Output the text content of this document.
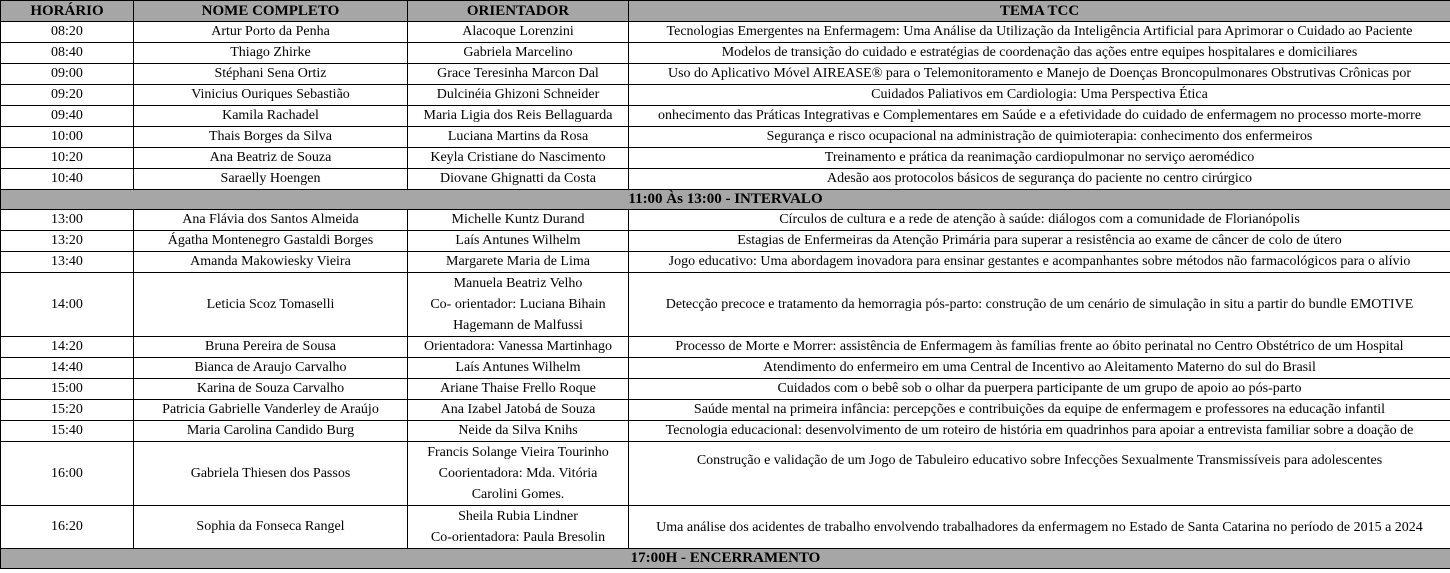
HORÁRIO	NOME COMPLETO	ORIENTADOR	TEMA TCC
08:20	Artur Porto da Penha	Alacoque Lorenzini	Tecnologias Emergentes na Enfermagem: Uma Análise da Utilização da Inteligência Artificial para Aprimorar o Cuidado ao Paciente
08:40	Thiago Zhirke	Gabriela Marcelino	Modelos de transição do cuidado e estratégias de coordenação das ações entre equipes hospitalares e domiciliares
09:00	Stéphani Sena Ortiz	Grace Teresinha Marcon Dal	Uso do Aplicativo Móvel AIREASE® para o Telemonitoramento e Manejo de Doenças Broncopulmonares Obstrutivas Crônicas por
09:20	Vinicius Ouriques Sebastião	Dulcinéia Ghizoni Schneider	Cuidados Paliativos em Cardiologia: Uma Perspectiva Ética
09:40	Kamila Rachadel	Maria Ligia dos Reis Bellaguarda	onhecimento das Práticas Integrativas e Complementares em Saúde e a efetividade do cuidado de enfermagem no processo morte-morre
10:00	Thais Borges da Silva	Luciana Martins da Rosa	Segurança e risco ocupacional na administração de quimioterapia: conhecimento dos enfermeiros
10:20	Ana Beatriz de Souza	Keyla Cristiane do Nascimento	Treinamento e prática da reanimação cardiopulmonar no serviço aeromédico
10:40	Saraelly Hoengen	Diovane Ghignatti da Costa	Adesão aos protocolos básicos de segurança do paciente no centro cirúrgico
11:00 Às 13:00 - INTERVALO			
13:00	Ana Flávia dos Santos Almeida	Michelle Kuntz Durand	Círculos de cultura e a rede de atenção à saúde: diálogos com a comunidade de Florianópolis
13:20	Ágatha Montenegro Gastaldi Borges	Laís Antunes Wilhelm	Estagias de Enfermeiras da Atenção Primária para superar a resistência ao exame de câncer de colo de útero
13:40	Amanda Makowiesky Vieira	Margarete Maria de Lima	Jogo educativo: Uma abordagem inovadora para ensinar gestantes e acompanhantes sobre métodos não farmacológicos para o alívio
14:00	Leticia Scoz Tomaselli	Manuela Beatriz Velho
Co- orientador: Luciana Bihain
Hagemann de Malfussi	Detecção precoce e tratamento da hemorragia pós-parto: construção de um cenário de simulação in situ a partir do bundle EMOTIVE
14:20	Bruna Pereira de Sousa	Orientadora: Vanessa Martinhago	Processo de Morte e Morrer: assistência de Enfermagem às famílias frente ao óbito perinatal no Centro Obstétrico de um Hospital
14:40	Bianca de Araujo Carvalho	Laís Antunes Wilhelm	Atendimento do enfermeiro em uma Central de Incentivo ao Aleitamento Materno do sul do Brasil
15:00	Karina de Souza Carvalho	Ariane Thaise Frello Roque	Cuidados com o bebê sob o olhar da puerpera participante de um grupo de apoio ao pós-parto
15:20	Patricia Gabrielle Vanderley de Araújo	Ana Izabel Jatobá de Souza	Saúde mental na primeira infância: percepções e contribuições da equipe de enfermagem e professores na educação infantil
15:40	Maria Carolina Candido Burg	Neide da Silva Knihs	Tecnologia educacional: desenvolvimento de um roteiro de história em quadrinhos para apoiar a entrevista familiar sobre a doação de
16:00	Gabriela Thiesen dos Passos	Francis Solange Vieira Tourinho
Coorientadora: Mda. Vitória
Carolini Gomes.	Construção e validação de um Jogo de Tabuleiro educativo sobre Infecções Sexualmente Transmissíveis para adolescentes
16:20	Sophia da Fonseca Rangel	Sheila Rubia Lindner
Co-orientadora: Paula Bresolin	Uma análise dos acidentes de trabalho envolvendo trabalhadores da enfermagem no Estado de Santa Catarina no período de 2015 a 2024
17:00H - ENCERRAMENTO			
